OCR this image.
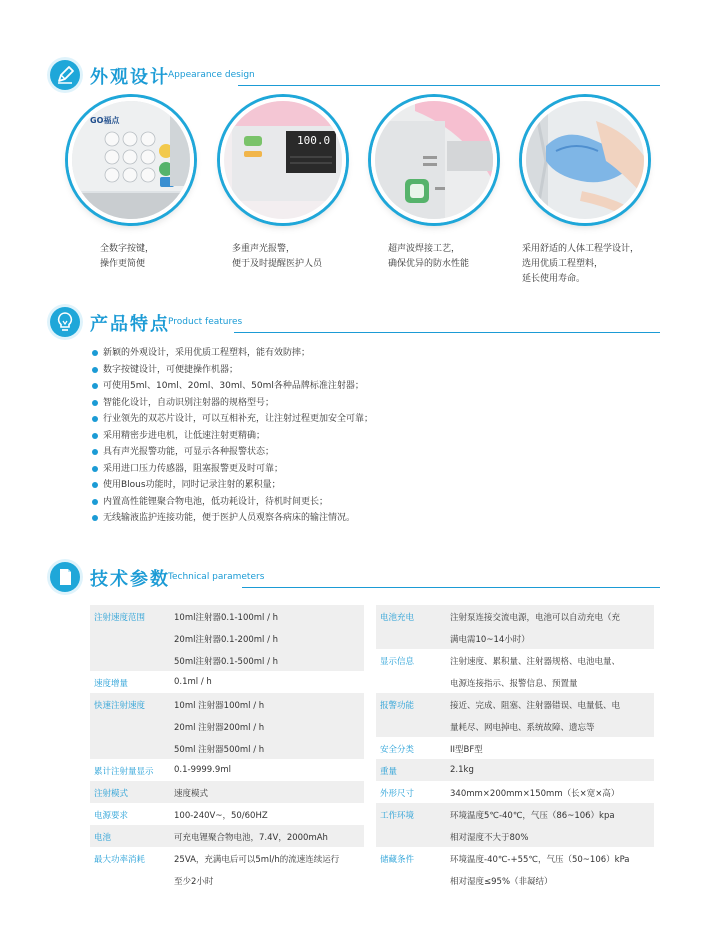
外观设计
Appearance design
GO福点
100.0
全数字按键，
操作更简便
多重声光报警，
便于及时提醒医护人员
超声波焊接工艺，
确保优异的防水性能
采用舒适的人体工程学设计，
选用优质工程塑料，
延长使用寿命。
产品特点
Product features
新颖的外观设计，采用优质工程塑料，能有效防摔；
数字按键设计，可便捷操作机器；
可使用5ml、10ml、20ml、30ml、50ml各种品牌标准注射器；
智能化设计，自动识别注射器的规格型号；
行业领先的双芯片设计，可以互相补充，让注射过程更加安全可靠；
采用精密步进电机，让低速注射更精确；
具有声光报警功能，可显示各种报警状态；
采用进口压力传感器，阻塞报警更及时可靠；
使用Blous功能时，同时记录注射的累积量；
内置高性能锂聚合物电池，低功耗设计，待机时间更长；
无线输液监护连接功能，便于医护人员观察各病床的输注情况。
技术参数
Technical parameters
注射速度范围	10ml注射器0.1-100ml / h
20ml注射器0.1-200ml / h
50ml注射器0.1-500ml / h
速度增量	0.1ml / h
快速注射速度	10ml 注射器100ml / h
20ml 注射器200ml / h
50ml 注射器500ml / h
累计注射量显示 0.1-9999.9ml
注射模式	速度模式
电源要求	100-240V~，50/60HZ
电池	可充电锂聚合物电池，7.4V，2000mAh
最大功率消耗	25VA，充满电后可以5ml/h的流速连续运行
至少2小时
电池充电	注射泵连接交流电源，电池可以自动充电（充
满电需10~14小时）
显示信息	注射速度、累积量、注射器规格、电池电量、
电源连接指示、报警信息、预置量
报警功能	接近、完成、阻塞、注射器错误、电量低、电
量耗尽、网电掉电、系统故障、遗忘等
安全分类	II型BF型
重量	2.1kg
外形尺寸	340mm×200mm×150mm（长×宽×高）
工作环境	环境温度5℃-40℃，气压（86~106）kpa
相对湿度不大于80%
储藏条件	环境温度-40℃-+55℃，气压（50~106）kPa
相对湿度≤95%（非凝结）
